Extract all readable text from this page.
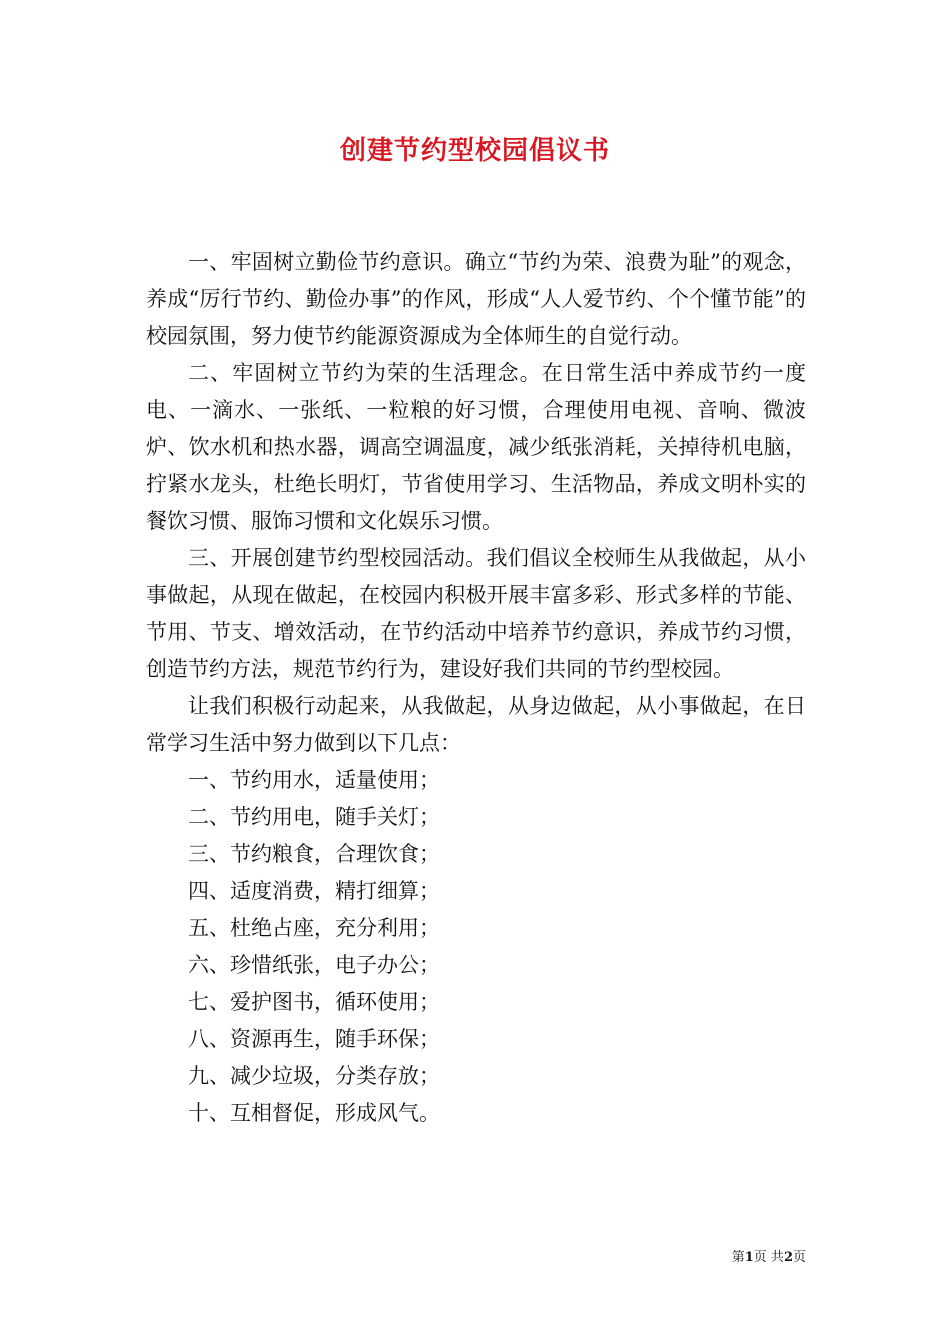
创建节约型校园倡议书

一、牢固树立勤俭节约意识。确立“节约为荣、浪费为耻”的观念，养成“厉行节约、勤俭办事”的作风，形成“人人爱节约、个个懂节能”的校园氛围，努力使节约能源资源成为全体师生的自觉行动。

二、牢固树立节约为荣的生活理念。在日常生活中养成节约一度电、一滴水、一张纸、一粒粮的好习惯，合理使用电视、音响、微波炉、饮水机和热水器，调高空调温度，减少纸张消耗，关掉待机电脑，拧紧水龙头，杜绝长明灯，节省使用学习、生活物品，养成文明朴实的餐饮习惯、服饰习惯和文化娱乐习惯。

三、开展创建节约型校园活动。我们倡议全校师生从我做起，从小事做起，从现在做起，在校园内积极开展丰富多彩、形式多样的节能、节用、节支、增效活动，在节约活动中培养节约意识，养成节约习惯，创造节约方法，规范节约行为，建设好我们共同的节约型校园。

让我们积极行动起来，从我做起，从身边做起，从小事做起，在日常学习生活中努力做到以下几点：

一、节约用水，适量使用；
二、节约用电，随手关灯；
三、节约粮食，合理饮食；
四、适度消费，精打细算；
五、杜绝占座，充分利用；
六、珍惜纸张，电子办公；
七、爱护图书，循环使用；
八、资源再生，随手环保；
九、减少垃圾，分类存放；
十、互相督促，形成风气。
第1页 共2页
